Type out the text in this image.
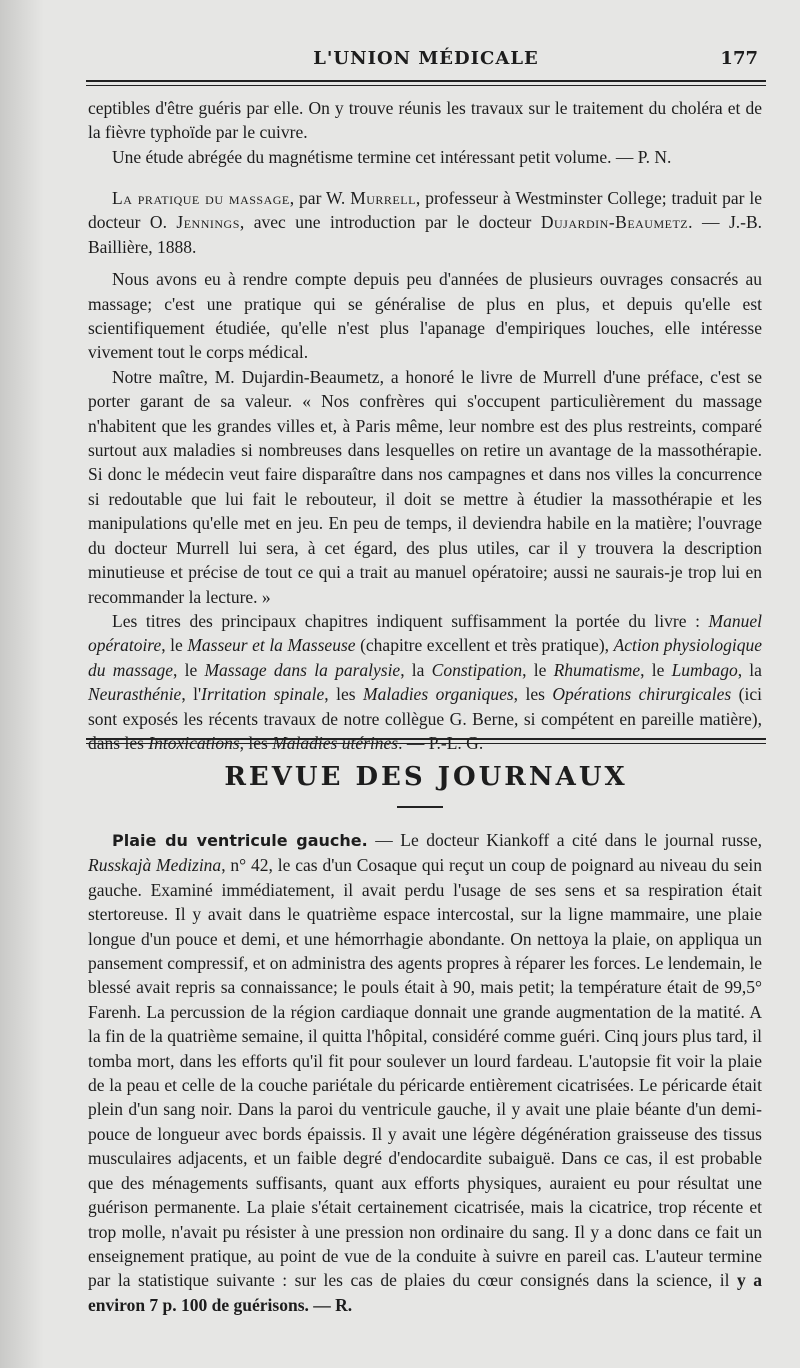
L'UNION MÉDICALE	177

ceptibles d'être guéris par elle. On y trouve réunis les travaux sur le traitement du choléra et de la fièvre typhoïde par le cuivre.

Une étude abrégée du magnétisme termine cet intéressant petit volume. — P. N.

La pratique du massage, par W. Murrell, professeur à Westminster College; traduit par le docteur O. Jennings, avec une introduction par le docteur Dujardin-Beaumetz. — J.-B. Baillière, 1888.

Nous avons eu à rendre compte depuis peu d'années de plusieurs ouvrages consacrés au massage; c'est une pratique qui se généralise de plus en plus, et depuis qu'elle est scientifiquement étudiée, qu'elle n'est plus l'apanage d'empiriques louches, elle intéresse vivement tout le corps médical.

Notre maître, M. Dujardin-Beaumetz, a honoré le livre de Murrell d'une préface, c'est se porter garant de sa valeur. « Nos confrères qui s'occupent particulièrement du massage n'habitent que les grandes villes et, à Paris même, leur nombre est des plus restreints, comparé surtout aux maladies si nombreuses dans lesquelles on retire un avantage de la massothérapie. Si donc le médecin veut faire disparaître dans nos campagnes et dans nos villes la concurrence si redoutable que lui fait le rebouteur, il doit se mettre à étudier la massothérapie et les manipulations qu'elle met en jeu. En peu de temps, il deviendra habile en la matière; l'ouvrage du docteur Murrell lui sera, à cet égard, des plus utiles, car il y trouvera la description minutieuse et précise de tout ce qui a trait au manuel opératoire; aussi ne saurais-je trop lui en recommander la lecture. »

Les titres des principaux chapitres indiquent suffisamment la portée du livre : Manuel opératoire, le Masseur et la Masseuse (chapitre excellent et très pratique), Action physiologique du massage, le Massage dans la paralysie, la Constipation, le Rhumatisme, le Lumbago, la Neurasthénie, l'Irritation spinale, les Maladies organiques, les Opérations chirurgicales (ici sont exposés les récents travaux de notre collègue G. Berne, si compétent en pareille matière), dans les Intoxications, les Maladies utérines. — P.-L. G.

REVUE DES JOURNAUX

Plaie du ventricule gauche. — Le docteur Kiankoff a cité dans le journal russe, Russkajà Medizina, n° 42, le cas d'un Cosaque qui reçut un coup de poignard au niveau du sein gauche. Examiné immédiatement, il avait perdu l'usage de ses sens et sa respiration était stertoreuse. Il y avait dans le quatrième espace intercostal, sur la ligne mammaire, une plaie longue d'un pouce et demi, et une hémorrhagie abondante. On nettoya la plaie, on appliqua un pansement compressif, et on administra des agents propres à réparer les forces. Le lendemain, le blessé avait repris sa connaissance; le pouls était à 90, mais petit; la température était de 99,5° Farenh. La percussion de la région cardiaque donnait une grande augmentation de la matité. A la fin de la quatrième semaine, il quitta l'hôpital, considéré comme guéri. Cinq jours plus tard, il tomba mort, dans les efforts qu'il fit pour soulever un lourd fardeau. L'autopsie fit voir la plaie de la peau et celle de la couche pariétale du péricarde entièrement cicatrisées. Le péricarde était plein d'un sang noir. Dans la paroi du ventricule gauche, il y avait une plaie béante d'un demi-pouce de longueur avec bords épaissis. Il y avait une légère dégénération graisseuse des tissus musculaires adjacents, et un faible degré d'endocardite subaiguë. Dans ce cas, il est probable que des ménagements suffisants, quant aux efforts physiques, auraient eu pour résultat une guérison permanente. La plaie s'était certainement cicatrisée, mais la cicatrice, trop récente et trop molle, n'avait pu résister à une pression non ordinaire du sang. Il y a donc dans ce fait un enseignement pratique, au point de vue de la conduite à suivre en pareil cas. L'auteur termine par la statistique suivante : sur les cas de plaies du cœur consignés dans la science, il y a environ 7 p. 100 de guérisons. — R.
